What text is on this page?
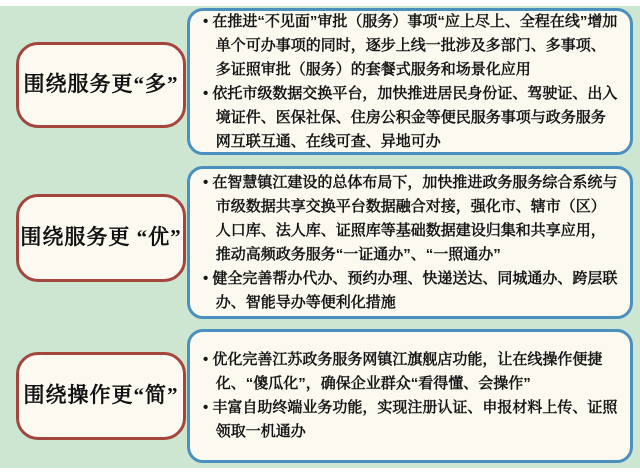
围绕服务更“多”
• 在推进“不见面”审批（服务）事项“应上尽上、全程在线”增加单个可办事项的同时，逐步上线一批涉及多部门、多事项、多证照审批（服务）的套餐式服务和场景化应用
• 依托市级数据交换平台，加快推进居民身份证、驾驶证、出入境证件、医保社保、住房公积金等便民服务事项与政务服务网互联互通、在线可查、异地可办
围绕服务更 “优”
• 在智慧镇江建设的总体布局下，加快推进政务服务综合系统与市级数据共享交换平台数据融合对接，强化市、辖市（区）人口库、法人库、证照库等基础数据建设归集和共享应用，推动高频政务服务“一证通办”、“一照通办”
• 健全完善帮办代办、预约办理、快递送达、同城通办、跨层联办、智能导办等便利化措施
围绕操作更“简”
• 优化完善江苏政务服务网镇江旗舰店功能，让在线操作便捷化、“傻瓜化”，确保企业群众“看得懂、会操作”
• 丰富自助终端业务功能，实现注册认证、申报材料上传、证照领取一机通办
